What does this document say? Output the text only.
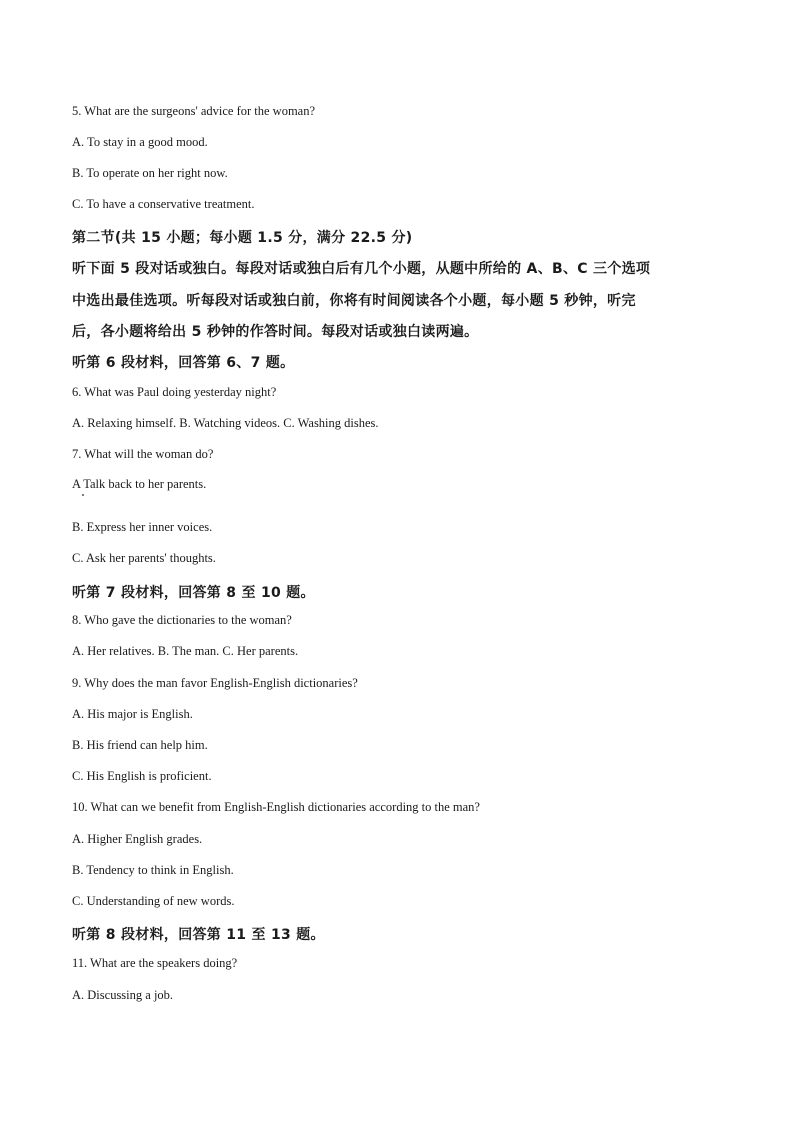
5. What are the surgeons' advice for the woman?
A. To stay in a good mood.
B. To operate on her right now.
C. To have a conservative treatment.
第二节(共 15 小题；每小题 1.5 分，满分 22.5 分)
听下面 5 段对话或独白。每段对话或独白后有几个小题，从题中所给的 A、B、C 三个选项
中选出最佳选项。听每段对话或独白前，你将有时间阅读各个小题，每小题 5 秒钟，听完
后，各小题将给出 5 秒钟的作答时间。每段对话或独白读两遍。
听第 6 段材料，回答第 6、7 题。
6. What was Paul doing yesterday night?
A. Relaxing himself. B. Watching videos. C. Washing dishes.
7. What will the woman do?
A Talk back to her parents.
B. Express her inner voices.
C. Ask her parents' thoughts.
听第 7 段材料，回答第 8 至 10 题。
8. Who gave the dictionaries to the woman?
A. Her relatives. B. The man. C. Her parents.
9. Why does the man favor English-English dictionaries?
A. His major is English.
B. His friend can help him.
C. His English is proficient.
10. What can we benefit from English-English dictionaries according to the man?
A. Higher English grades.
B. Tendency to think in English.
C. Understanding of new words.
听第 8 段材料，回答第 11 至 13 题。
11. What are the speakers doing?
A. Discussing a job.
